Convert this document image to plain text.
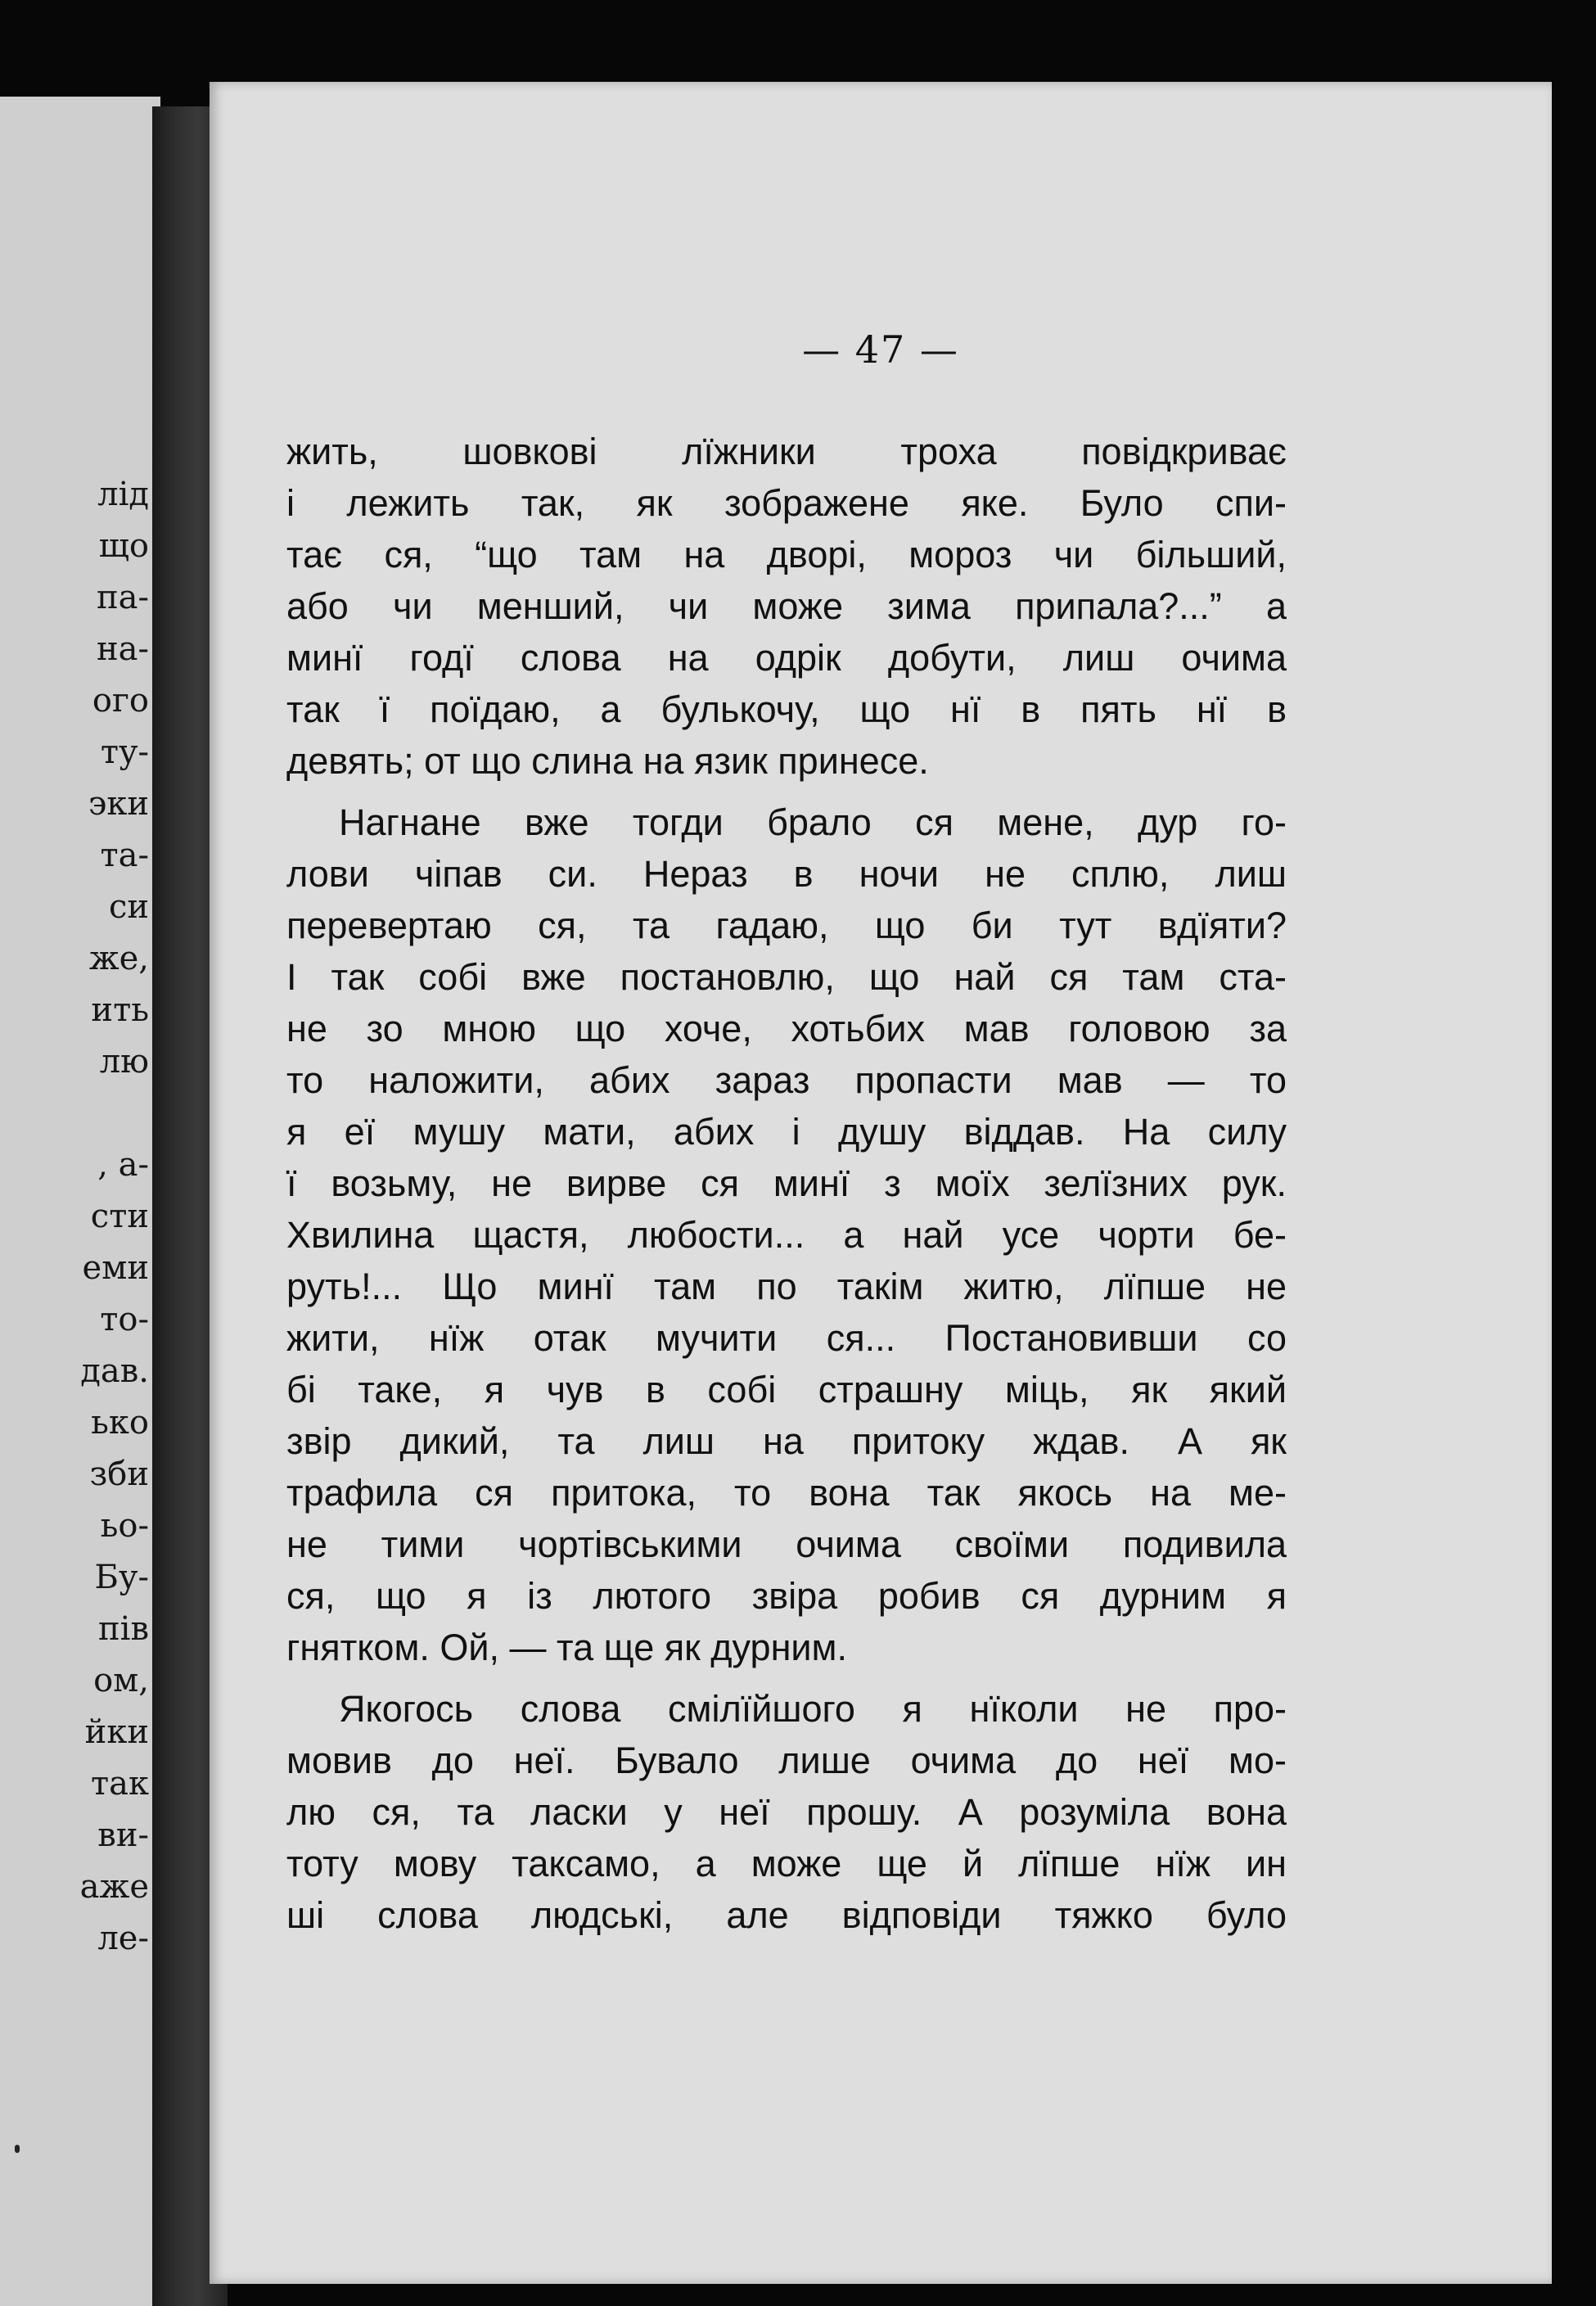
лід
що
па-
на-
ого
ту-
эки
та-
си
же,
ить
лю
, а-
сти
еми
то-
дав.
ько
зби
ьо-
Бу-
пів
ом,
йки
так
ви-
аже
ле-
— 47 —
жить, шовкові лїжники троха повідкриває
і лежить так, як зображене яке. Було спи-
тає ся, “що там на дворі, мороз чи більший,
або чи менший, чи може зима припала?...” а
минї годї слова на одрік добути, лиш очима
так ї поїдаю, а булькочу, що нї в пять нї в
девять; от що слина на язик принесе.
Нагнане вже тогди брало ся мене, дур го-
лови чіпав си. Нераз в ночи не сплю, лиш
перевертаю ся, та гадаю, що би тут вдїяти?
І так собі вже постановлю, що най ся там ста-
не зо мною що хоче, хотьбих мав головою за
то наложити, абих зараз пропасти мав — то
я еї мушу мати, абих і душу віддав. На силу
ї возьму, не вирве ся минї з моїх зелїзних рук.
Хвилина щастя, любости... а най усе чорти бе-
руть!... Що минї там по такім житю, лїпше не
жити, нїж отак мучити ся... Постановивши со
бі таке, я чув в собі страшну міць, як який
звір дикий, та лиш на притоку ждав. А як
трафила ся притока, то вона так якось на ме-
не тими чортівськими очима своїми подивила
ся, що я із лютого звіра робив ся дурним я
гнятком. Ой, — та ще як дурним.
Якогось слова смілїйшого я нїколи не про-
мовив до неї. Бувало лише очима до неї мо-
лю ся, та ласки у неї прошу. А розуміла вона
тоту мову таксамо, а може ще й лїпше нїж ин
ші слова людські, але відповіди тяжко було
